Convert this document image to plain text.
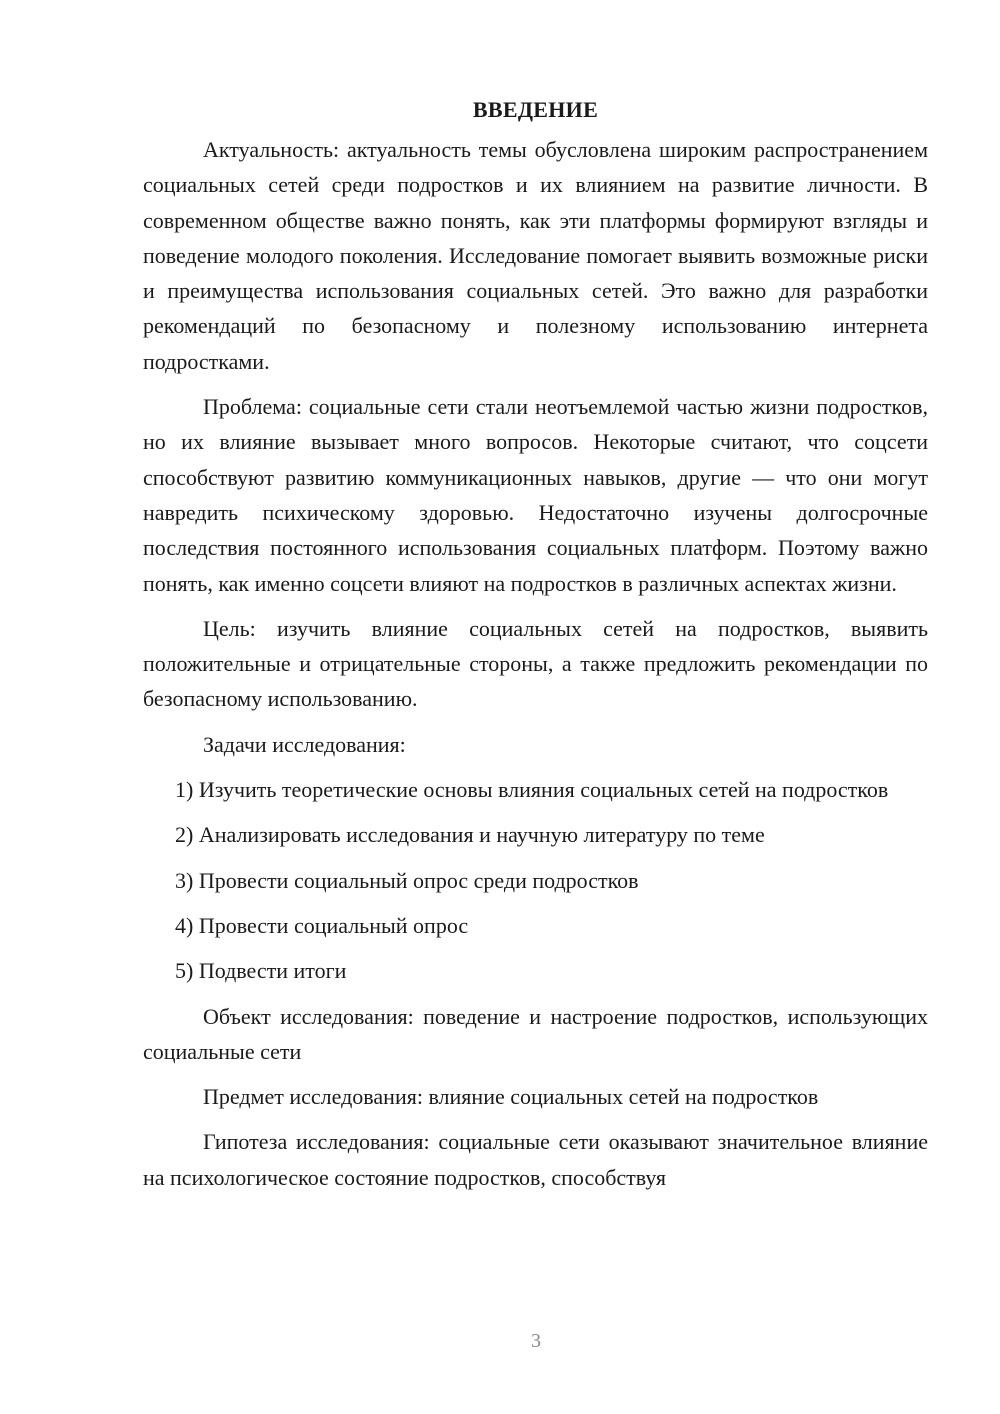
ВВЕДЕНИЕ

Актуальность: актуальность темы обусловлена широким распространением социальных сетей среди подростков и их влиянием на развитие личности. В современном обществе важно понять, как эти платформы формируют взгляды и поведение молодого поколения. Исследование помогает выявить возможные риски и преимущества использования социальных сетей. Это важно для разработки рекомендаций по безопасному и полезному использованию интернета подростками.

Проблема: социальные сети стали неотъемлемой частью жизни подростков, но их влияние вызывает много вопросов. Некоторые считают, что соцсети способствуют развитию коммуникационных навыков, другие — что они могут навредить психическому здоровью. Недостаточно изучены долгосрочные последствия постоянного использования социальных платформ. Поэтому важно понять, как именно соцсети влияют на подростков в различных аспектах жизни.

Цель: изучить влияние социальных сетей на подростков, выявить положительные и отрицательные стороны, а также предложить рекомендации по безопасному использованию.

Задачи исследования:

1) Изучить теоретические основы влияния социальных сетей на подростков

2) Анализировать исследования и научную литературу по теме

3) Провести социальный опрос среди подростков

4) Провести социальный опрос

5) Подвести итоги

Объект исследования: поведение и настроение подростков, использующих социальные сети

Предмет исследования: влияние социальных сетей на подростков

Гипотеза исследования: социальные сети оказывают значительное влияние на психологическое состояние подростков, способствуя

3
